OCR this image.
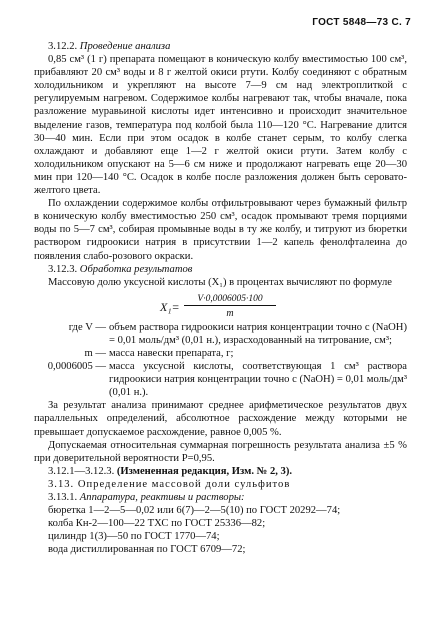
ГОСТ 5848—73 С. 7

3.12.2. Проведение анализа

0,85 см³ (1 г) препарата помещают в коническую колбу вместимостью 100 см³, прибавляют 20 см³ воды и 8 г желтой окиси ртути. Колбу соединяют с обратным холодильником и укрепляют на высоте 7—9 см над электроплиткой с регулируемым нагревом. Содержимое колбы нагревают так, чтобы вначале, пока разложение муравьиной кислоты идет интенсивно и происходит значительное выделение газов, температура под колбой была 110—120 °С. Нагревание длится 30—40 мин. Если при этом осадок в колбе станет серым, то колбу слегка охлаждают и добавляют еще 1—2 г желтой окиси ртути. Затем колбу с холодильником опускают на 5—6 см ниже и продолжают нагревать еще 20—30 мин при 120—140 °С. Осадок в колбе после разложения должен быть серовато-желтого цвета.

По охлаждении содержимое колбы отфильтровывают через бумажный фильтр в коническую колбу вместимостью 250 см³, осадок промывают тремя порциями воды по 5—7 см³, собирая промывные воды в ту же колбу, и титруют из бюретки раствором гидроокиси натрия в присутствии 1—2 капель фенолфталеина до появления слабо-розового окраски.

3.12.3. Обработка результатов

Массовую долю уксусной кислоты (X₁) в процентах вычисляют по формуле

X₁=
V·0,0006005·100
m
где V — объем раствора гидроокиси натрия концентрации точно с (NaOH) = 0,01 моль/дм³ (0,01 н.), израсходованный на титрование, см³;
m — масса навески препарата, г;
0,0006005 — масса уксусной кислоты, соответствующая 1 см³ раствора гидроокиси натрия концентрации точно с (NaOH) = 0,01 моль/дм³ (0,01 н.).

За результат анализа принимают среднее арифметическое результатов двух параллельных определений, абсолютное расхождение между которыми не превышает допускаемое расхождение, равное 0,005 %.

Допускаемая относительная суммарная погрешность результата анализа ±5 % при доверительной вероятности P=0,95.

3.12.1—3.12.3. (Измененная редакция, Изм. № 2, 3).

3.13. Определение массовой доли сульфитов

3.13.1. Аппаратура, реактивы и растворы:

бюретка 1—2—5—0,02 или 6(7)—2—5(10) по ГОСТ 20292—74;

колба Кн-2—100—22 ТХС по ГОСТ 25336—82;

цилиндр 1(3)—50 по ГОСТ 1770—74;

вода дистиллированная по ГОСТ 6709—72;
